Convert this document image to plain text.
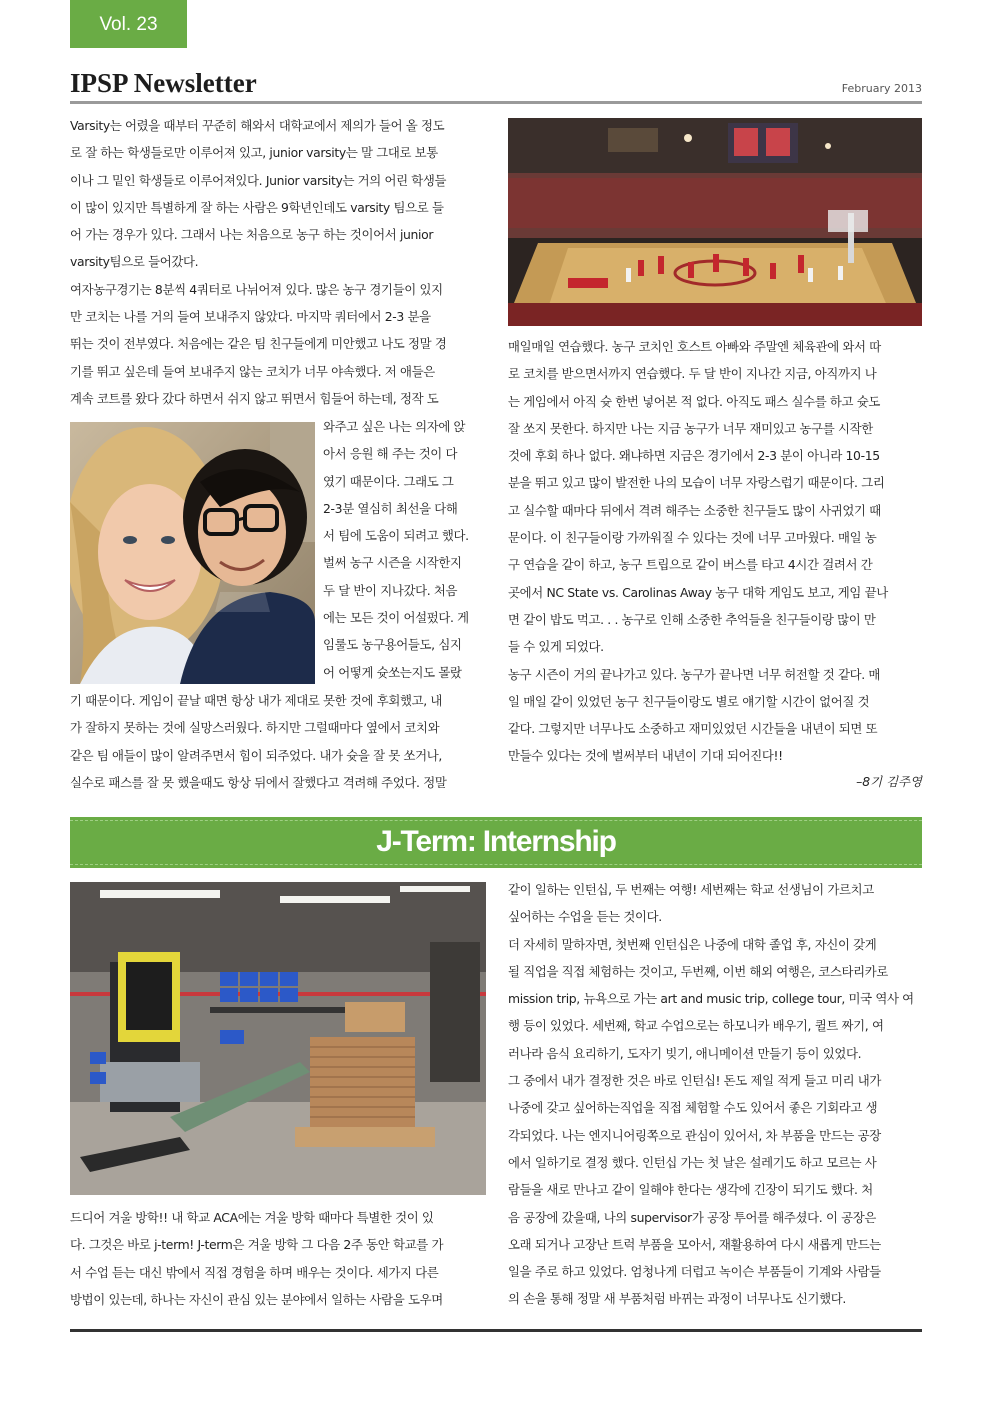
Vol. 23
IPSP Newsletter	February 2013

Varsity는 어렸을 때부터 꾸준히 해와서 대학교에서 제의가 들어 올 정도

로 잘 하는 학생들로만 이루어져 있고, junior varsity는 말 그대로 보통

이나 그 밑인 학생들로 이루어져있다. Junior varsity는 거의 어린 학생들

이 많이 있지만 특별하게 잘 하는 사람은 9학년인데도 varsity 팀으로 들

어 가는 경우가 있다. 그래서 나는 처음으로 농구 하는 것이어서 junior

varsity팀으로 들어갔다.

여자농구경기는 8분씩 4쿼터로 나뉘어져 있다. 많은 농구 경기들이 있지

만 코치는 나를 거의 들여 보내주지 않았다. 마지막 쿼터에서 2-3 분을

뛰는 것이 전부였다. 처음에는 같은 팀 친구들에게 미안했고 나도 정말 경

기를 뛰고 싶은데 들여 보내주지 않는 코치가 너무 야속했다. 저 애들은

계속 코트를 왔다 갔다 하면서 쉬지 않고 뛰면서 힘들어 하는데, 정작 도

와주고 싶은 나는 의자에 앉

아서 응원 해 주는 것이 다

였기 때문이다. 그래도 그

2-3분 열심히 최선을 다해

서 팀에 도움이 되려고 했다.

벌써 농구 시즌을 시작한지

두 달 반이 지나갔다. 처음

에는 모든 것이 어설펐다. 게

임룰도 농구용어들도, 심지

어 어떻게 슛쏘는지도 몰랐

기 때문이다. 게임이 끝날 때면 항상 내가 제대로 못한 것에 후회했고, 내

가 잘하지 못하는 것에 실망스러웠다. 하지만 그럴때마다 옆에서 코치와

같은 팀 애들이 많이 알려주면서 힘이 되주었다. 내가 슛을 잘 못 쏘거나,

실수로 패스를 잘 못 했을때도 항상 뒤에서 잘했다고 격려해 주었다. 정말

매일매일 연습했다. 농구 코치인 호스트 아빠와 주말엔 체육관에 와서 따

로 코치를 받으면서까지 연습했다. 두 달 반이 지나간 지금, 아직까지 나

는 게임에서 아직 슛 한번 넣어본 적 없다. 아직도 패스 실수를 하고 슛도

잘 쏘지 못한다. 하지만 나는 지금 농구가 너무 재미있고 농구를 시작한

것에 후회 하나 없다. 왜냐하면 지금은 경기에서 2-3 분이 아니라 10-15

분을 뛰고 있고 많이 발전한 나의 모습이 너무 자랑스럽기 때문이다. 그리

고 실수할 때마다 뒤에서 격려 해주는 소중한 친구들도 많이 사귀었기 때

문이다. 이 친구들이랑 가까워질 수 있다는 것에 너무 고마웠다. 매일 농

구 연습을 같이 하고, 농구 트립으로 같이 버스를 타고 4시간 걸려서 간

곳에서 NC State vs. Carolinas Away 농구 대학 게임도 보고, 게임 끝나

면 같이 밥도 먹고. . . 농구로 인해 소중한 추억들을 친구들이랑 많이 만

들 수 있게 되었다.

농구 시즌이 거의 끝나가고 있다. 농구가 끝나면 너무 허전할 것 같다. 매

일 매일 같이 있었던 농구 친구들이랑도 별로 얘기할 시간이 없어질 것

같다. 그렇지만 너무나도 소중하고 재미있었던 시간들을 내년이 되면 또

만들수 있다는 것에 벌써부터 내년이 기대 되어진다!!

–8기 김주영
J-Term: Internship

드디어 겨울 방학!! 내 학교 ACA에는 겨울 방학 때마다 특별한 것이 있

다. 그것은 바로 j-term! J-term은 겨울 방학 그 다음 2주 동안 학교를 가

서 수업 듣는 대신 밖에서 직접 경험을 하며 배우는 것이다. 세가지 다른

방법이 있는데, 하나는 자신이 관심 있는 분야에서 일하는 사람을 도우며

같이 일하는 인턴십, 두 번째는 여행! 세번째는 학교 선생님이 가르치고

싶어하는 수업을 듣는 것이다.

더 자세히 말하자면, 첫번째 인턴십은 나중에 대학 졸업 후, 자신이 갖게

될 직업을 직접 체험하는 것이고, 두번째, 이번 해외 여행은, 코스타리카로

mission trip, 뉴욕으로 가는 art and music trip, college tour, 미국 역사 여

행 등이 있었다. 세번째, 학교 수업으로는 하모니카 배우기, 퀼트 짜기, 여

러나라 음식 요리하기, 도자기 빚기, 애니메이션 만들기 등이 있었다.

그 중에서 내가 결정한 것은 바로 인턴십! 돈도 제일 적게 들고 미리 내가

나중에 갖고 싶어하는직업을 직접 체험할 수도 있어서 좋은 기회라고 생

각되었다. 나는 엔지니어링쪽으로 관심이 있어서, 차 부품을 만드는 공장

에서 일하기로 결정 했다. 인턴십 가는 첫 날은 설레기도 하고 모르는 사

람들을 새로 만나고 같이 일해야 한다는 생각에 긴장이 되기도 했다. 처

음 공장에 갔을때, 나의 supervisor가 공장 투어를 해주셨다. 이 공장은

오래 되거나 고장난 트럭 부품을 모아서, 재활용하여 다시 새롭게 만드는

일을 주로 하고 있었다. 엄청나게 더럽고 녹이슨 부품들이 기계와 사람들

의 손을 통해 정말 새 부품처럼 바뀌는 과정이 너무나도 신기했다.
